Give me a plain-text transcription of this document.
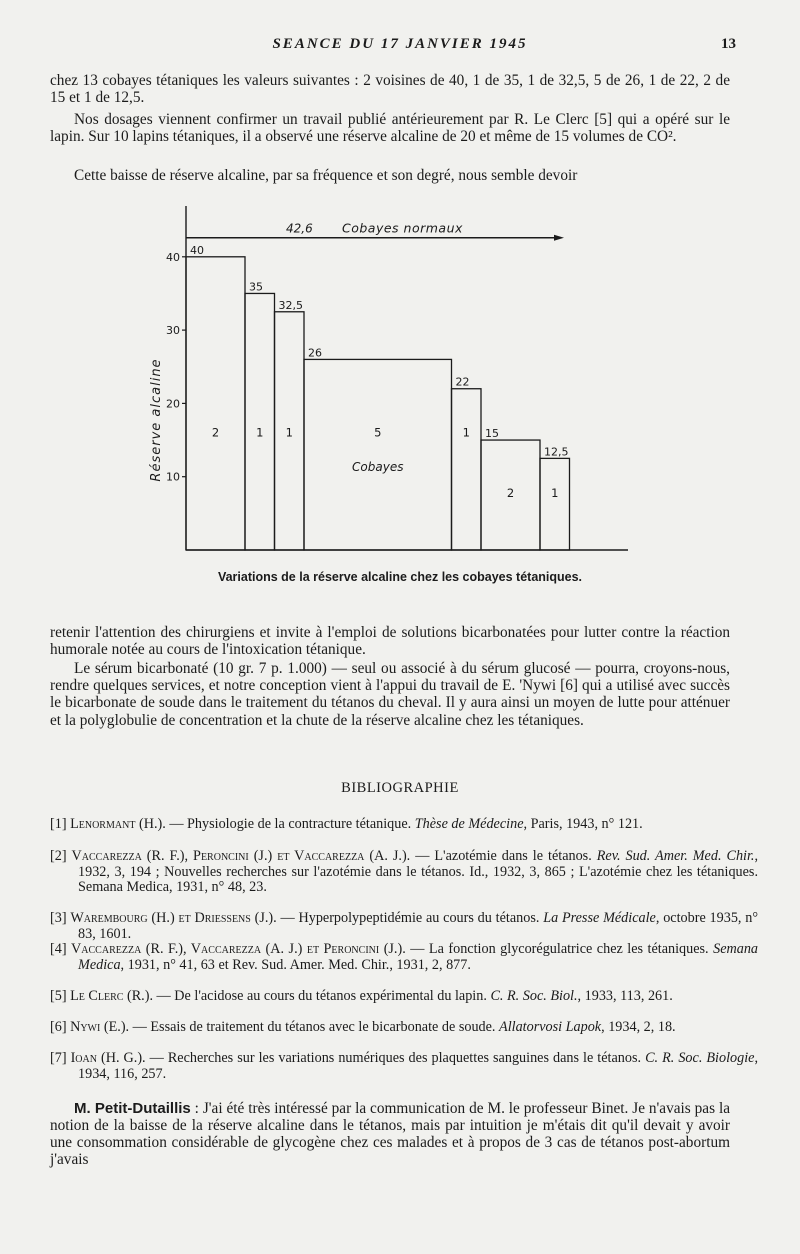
SEANCE DU 17 JANVIER 1945	13

chez 13 cobayes tétaniques les valeurs suivantes : 2 voisines de 40, 1 de 35, 1 de 32,5, 5 de 26, 1 de 22, 2 de 15 et 1 de 12,5.

Nos dosages viennent confirmer un travail publié antérieurement par R. Le Clerc [5] qui a opéré sur le lapin. Sur 10 lapins tétaniques, il a observé une réserve alcaline de 20 et même de 15 volumes de CO².

Cette baisse de réserve alcaline, par sa fréquence et son degré, nous semble devoir

10
20
30
40
Réserve alcaline
42,6 Cobayes normaux
40
2
35
1
32,5
1
26
5
22
1 15
2
12,5
1
Cobayes
Variations de la réserve alcaline chez les cobayes tétaniques.

retenir l'attention des chirurgiens et invite à l'emploi de solutions bicarbonatées pour lutter contre la réaction humorale notée au cours de l'intoxication tétanique.

Le sérum bicarbonaté (10 gr. 7 p. 1.000) — seul ou associé à du sérum glucosé — pourra, croyons-nous, rendre quelques services, et notre conception vient à l'appui du travail de E. 'Nywi [6] qui a utilisé avec succès le bicarbonate de soude dans le traitement du tétanos du cheval. Il y aura ainsi un moyen de lutte pour atténuer et la polyglobulie de concentration et la chute de la réserve alcaline chez les tétaniques.

BIBLIOGRAPHIE

[1] Lenormant (H.). — Physiologie de la contracture tétanique. Thèse de Médecine, Paris, 1943, n° 121.

[2] Vaccarezza (R. F.), Peroncini (J.) et Vaccarezza (A. J.). — L'azotémie dans le tétanos. Rev. Sud. Amer. Med. Chir., 1932, 3, 194 ; Nouvelles recherches sur l'azotémie dans le tétanos. Id., 1932, 3, 865 ; L'azotémie chez les tétaniques. Semana Medica, 1931, n° 48, 23.

[3] Warembourg (H.) et Driessens (J.). — Hyperpolypeptidémie au cours du tétanos. La Presse Médicale, octobre 1935, n° 83, 1601.

[4] Vaccarezza (R. F.), Vaccarezza (A. J.) et Peroncini (J.). — La fonction glycorégulatrice chez les tétaniques. Semana Medica, 1931, n° 41, 63 et Rev. Sud. Amer. Med. Chir., 1931, 2, 877.

[5] Le Clerc (R.). — De l'acidose au cours du tétanos expérimental du lapin. C. R. Soc. Biol., 1933, 113, 261.

[6] Nywi (E.). — Essais de traitement du tétanos avec le bicarbonate de soude. Allatorvosi Lapok, 1934, 2, 18.

[7] Ioan (H. G.). — Recherches sur les variations numériques des plaquettes sanguines dans le tétanos. C. R. Soc. Biologie, 1934, 116, 257.

M. Petit-Dutaillis : J'ai été très intéressé par la communication de M. le professeur Binet. Je n'avais pas la notion de la baisse de la réserve alcaline dans le tétanos, mais par intuition je m'étais dit qu'il devait y avoir une consommation considérable de glycogène chez ces malades et à propos de 3 cas de tétanos post-abortum j'avais
